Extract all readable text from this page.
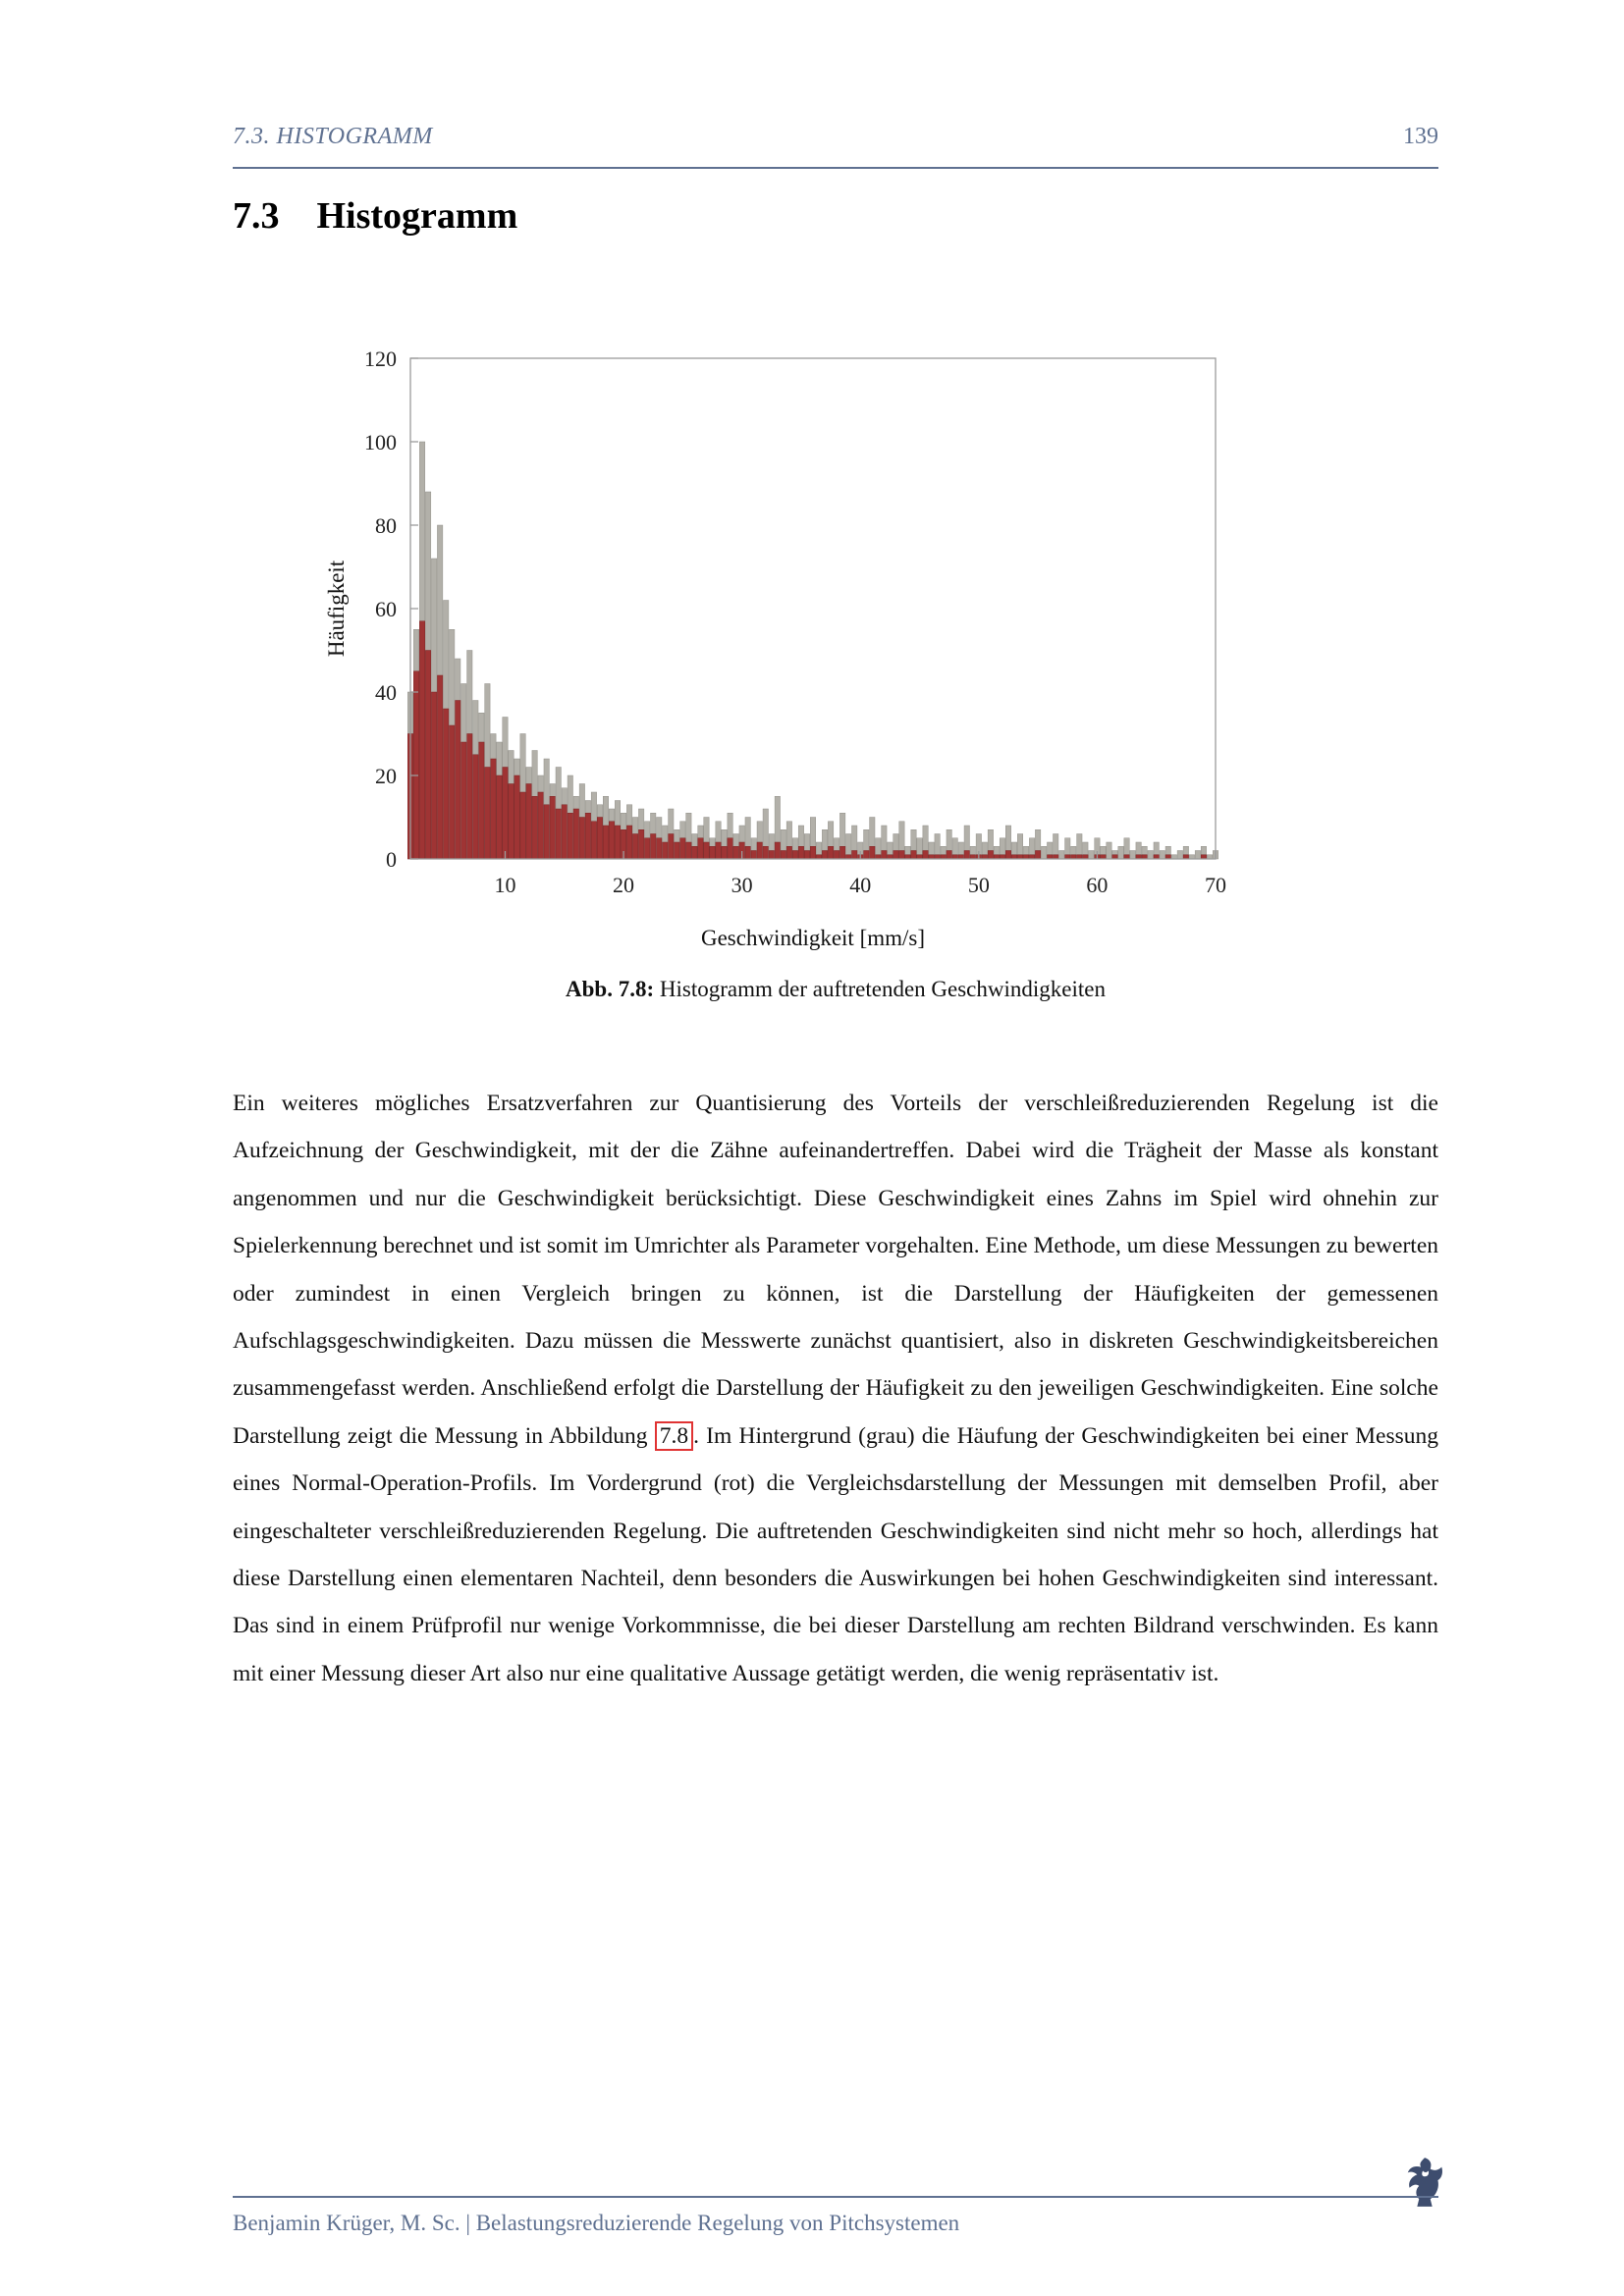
7.3. HISTOGRAMM	139
7.3 Histogramm
10	20	30	40	50	60	70
0
20
40
60
80
100
120
Geschwindigkeit [mm/s]
Häufigkeit
Abb. 7.8: Histogramm der auftretenden Geschwindigkeiten

Ein weiteres mögliches Ersatzverfahren zur Quantisierung des Vorteils der verschleißreduzierenden Regelung ist die Aufzeichnung der Geschwindigkeit, mit der die Zähne aufeinandertreffen. Dabei wird die Trägheit der Masse als konstant angenommen und nur die Geschwindigkeit berücksichtigt. Diese Geschwindigkeit eines Zahns im Spiel wird ohnehin zur Spielerkennung berechnet und ist somit im Umrichter als Parameter vorgehalten. Eine Methode, um diese Messungen zu bewerten oder zumindest in einen Vergleich bringen zu können, ist die Darstellung der Häufigkeiten der gemessenen Aufschlagsgeschwindigkeiten. Dazu müssen die Messwerte zunächst quantisiert, also in diskreten Geschwindigkeitsbereichen zusammengefasst werden. Anschließend erfolgt die Darstellung der Häufigkeit zu den jeweiligen Geschwindigkeiten. Eine solche Darstellung zeigt die Messung in Abbildung 7.8 . Im Hintergrund (grau) die Häufung der Geschwindigkeiten bei einer Messung eines Normal-Operation-Profils. Im Vordergrund (rot) die Vergleichsdarstellung der Messungen mit demselben Profil, aber eingeschalteter verschleißreduzierenden Regelung. Die auftretenden Geschwindigkeiten sind nicht mehr so hoch, allerdings hat diese Darstellung einen elementaren Nachteil, denn besonders die Auswirkungen bei hohen Geschwindigkeiten sind interessant. Das sind in einem Prüfprofil nur wenige Vorkommnisse, die bei dieser Darstellung am rechten Bildrand verschwinden. Es kann mit einer Messung dieser Art also nur eine qualitative Aussage getätigt werden, die wenig repräsentativ ist.

Benjamin Krüger, M. Sc. | Belastungsreduzierende Regelung von Pitchsystemen
